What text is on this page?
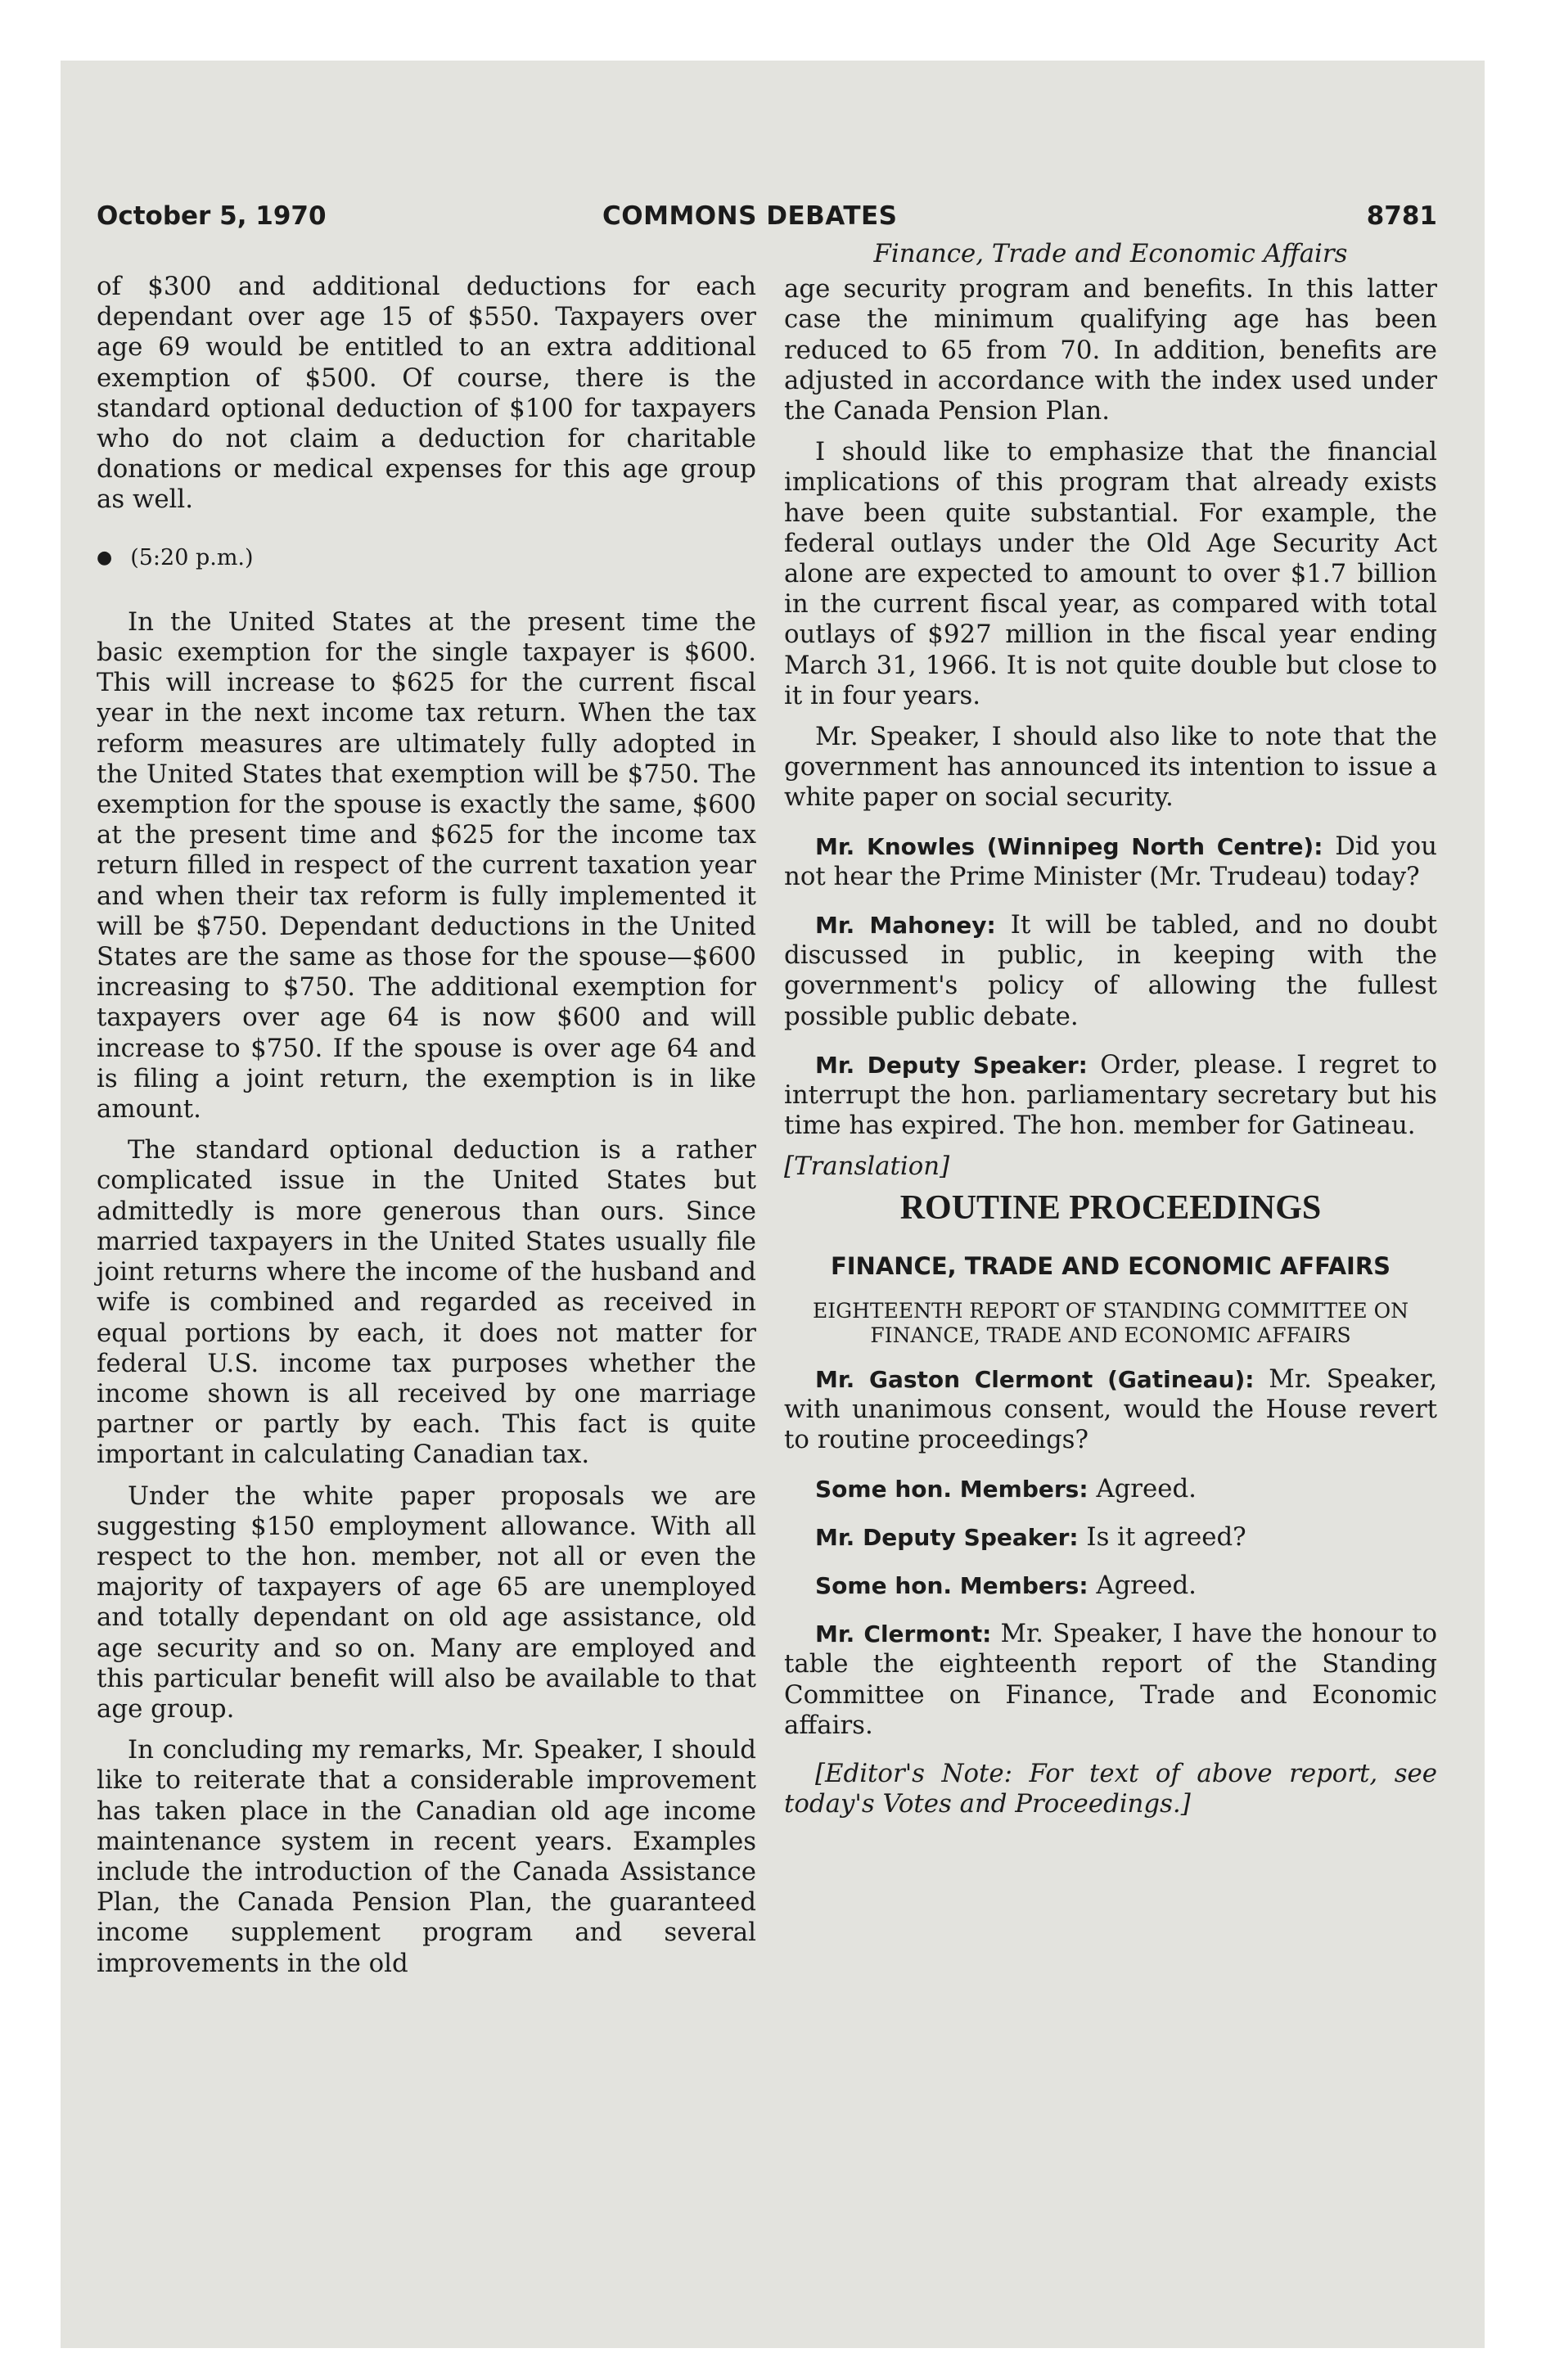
October 5, 1970	COMMONS DEBATES	8781

of $300 and additional deductions for each dependant over age 15 of $550. Taxpayers over age 69 would be entitled to an extra additional exemption of $500. Of course, there is the standard optional deduction of $100 for taxpayers who do not claim a deduction for charitable donations or medical expenses for this age group as well.

● (5:20 p.m.)

In the United States at the present time the basic exemption for the single taxpayer is $600. This will increase to $625 for the current fiscal year in the next income tax return. When the tax reform measures are ultimately fully adopted in the United States that exemption will be $750. The exemption for the spouse is exactly the same, $600 at the present time and $625 for the income tax return filled in respect of the current taxation year and when their tax reform is fully implemented it will be $750. Dependant deductions in the United States are the same as those for the spouse—$600 increasing to $750. The additional exemption for taxpayers over age 64 is now $600 and will increase to $750. If the spouse is over age 64 and is filing a joint return, the exemption is in like amount.

The standard optional deduction is a rather complicated issue in the United States but admittedly is more generous than ours. Since married taxpayers in the United States usually file joint returns where the income of the husband and wife is combined and regarded as received in equal portions by each, it does not matter for federal U.S. income tax purposes whether the income shown is all received by one marriage partner or partly by each. This fact is quite important in calculating Canadian tax.

Under the white paper proposals we are suggesting $150 employment allowance. With all respect to the hon. member, not all or even the majority of taxpayers of age 65 are unemployed and totally dependant on old age assistance, old age security and so on. Many are employed and this particular benefit will also be available to that age group.

In concluding my remarks, Mr. Speaker, I should like to reiterate that a considerable improvement has taken place in the Canadian old age income maintenance system in recent years. Examples include the introduction of the Canada Assistance Plan, the Canada Pension Plan, the guaranteed income supplement program and several improvements in the old

Finance, Trade and Economic Affairs

age security program and benefits. In this latter case the minimum qualifying age has been reduced to 65 from 70. In addition, benefits are adjusted in accordance with the index used under the Canada Pension Plan.

I should like to emphasize that the financial implications of this program that already exists have been quite substantial. For example, the federal outlays under the Old Age Security Act alone are expected to amount to over $1.7 billion in the current fiscal year, as compared with total outlays of $927 million in the fiscal year ending March 31, 1966. It is not quite double but close to it in four years.

Mr. Speaker, I should also like to note that the government has announced its intention to issue a white paper on social security.

Mr. Knowles (Winnipeg North Centre): Did you not hear the Prime Minister (Mr. Trudeau) today?

Mr. Mahoney: It will be tabled, and no doubt discussed in public, in keeping with the government's policy of allowing the fullest possible public debate.

Mr. Deputy Speaker: Order, please. I regret to interrupt the hon. parliamentary secretary but his time has expired. The hon. member for Gatineau.

[Translation]

ROUTINE PROCEEDINGS
FINANCE, TRADE AND ECONOMIC AFFAIRS
EIGHTEENTH REPORT OF STANDING COMMITTEE ON FINANCE, TRADE AND ECONOMIC AFFAIRS

Mr. Gaston Clermont (Gatineau): Mr. Speaker, with unanimous consent, would the House revert to routine proceedings?

Some hon. Members: Agreed.

Mr. Deputy Speaker: Is it agreed?

Some hon. Members: Agreed.

Mr. Clermont: Mr. Speaker, I have the honour to table the eighteenth report of the Standing Committee on Finance, Trade and Economic affairs.

[Editor's Note: For text of above report, see today's Votes and Proceedings.]
